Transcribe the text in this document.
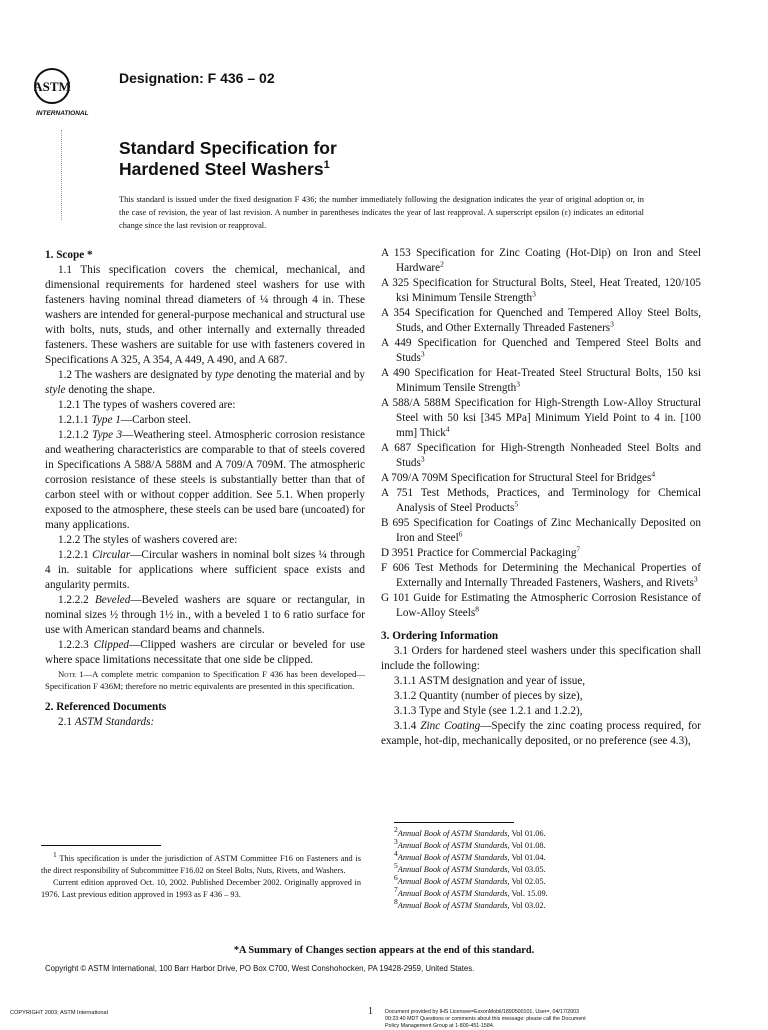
ASTM
INTERNATIONAL
Designation: F 436 – 02
Standard Specification for
Hardened Steel Washers$^1$
This standard is issued under the fixed designation F 436; the number immediately following the designation indicates the year of original adoption or, in the case of revision, the year of last revision. A number in parentheses indicates the year of last reapproval. A superscript epsilon (ε) indicates an editorial change since the last revision or reapproval.

1. Scope *

1.1 This specification covers the chemical, mechanical, and dimensional requirements for hardened steel washers for use with fasteners having nominal thread diameters of ¼ through 4 in. These washers are intended for general-purpose mechanical and structural use with bolts, nuts, studs, and other internally and externally threaded fasteners. These washers are suitable for use with fasteners covered in Specifications A 325, A 354, A 449, A 490, and A 687.

1.2 The washers are designated by type denoting the material and by style denoting the shape.

1.2.1 The types of washers covered are:

1.2.1.1 Type 1—Carbon steel.

1.2.1.2 Type 3—Weathering steel. Atmospheric corrosion resistance and weathering characteristics are comparable to that of steels covered in Specifications A 588/A 588M and A 709/A 709M. The atmospheric corrosion resistance of these steels is substantially better than that of carbon steel with or without copper addition. See 5.1. When properly exposed to the atmosphere, these steels can be used bare (uncoated) for many applications.

1.2.2 The styles of washers covered are:

1.2.2.1 Circular—Circular washers in nominal bolt sizes ¼ through 4 in. suitable for applications where sufficient space exists and angularity permits.

1.2.2.2 Beveled—Beveled washers are square or rectangular, in nominal sizes ½ through 1½ in., with a beveled 1 to 6 ratio surface for use with American standard beams and channels.

1.2.2.3 Clipped—Clipped washers are circular or beveled for use where space limitations necessitate that one side be clipped.

Note 1—A complete metric companion to Specification F 436 has been developed—Specification F 436M; therefore no metric equivalents are presented in this specification.

2. Referenced Documents

2.1 ASTM Standards:

A 153 Specification for Zinc Coating (Hot-Dip) on Iron and Steel Hardware$^2$

A 325 Specification for Structural Bolts, Steel, Heat Treated, 120/105 ksi Minimum Tensile Strength$^3$

A 354 Specification for Quenched and Tempered Alloy Steel Bolts, Studs, and Other Externally Threaded Fasteners$^3$

A 449 Specification for Quenched and Tempered Steel Bolts and Studs$^3$

A 490 Specification for Heat-Treated Steel Structural Bolts, 150 ksi Minimum Tensile Strength$^3$

A 588/A 588M Specification for High-Strength Low-Alloy Structural Steel with 50 ksi [345 MPa] Minimum Yield Point to 4 in. [100 mm] Thick$^4$

A 687 Specification for High-Strength Nonheaded Steel Bolts and Studs$^3$

A 709/A 709M Specification for Structural Steel for Bridges$^4$

A 751 Test Methods, Practices, and Terminology for Chemical Analysis of Steel Products$^5$

B 695 Specification for Coatings of Zinc Mechanically Deposited on Iron and Steel$^6$

D 3951 Practice for Commercial Packaging$^7$

F 606 Test Methods for Determining the Mechanical Properties of Externally and Internally Threaded Fasteners, Washers, and Rivets$^3$

G 101 Guide for Estimating the Atmospheric Corrosion Resistance of Low-Alloy Steels$^8$

3. Ordering Information

3.1 Orders for hardened steel washers under this specification shall include the following:

3.1.1 ASTM designation and year of issue,

3.1.2 Quantity (number of pieces by size),

3.1.3 Type and Style (see 1.2.1 and 1.2.2),

3.1.4 Zinc Coating—Specify the zinc coating process required, for example, hot-dip, mechanically deposited, or no preference (see 4.3),

$^1$ This specification is under the jurisdiction of ASTM Committee F16 on Fasteners and is the direct responsibility of Subcommittee F16.02 on Steel Bolts, Nuts, Rivets, and Washers.

Current edition approved Oct. 10, 2002. Published December 2002. Originally approved in 1976. Last previous edition approved in 1993 as F 436 – 93.

$^2$Annual Book of ASTM Standards, Vol 01.06.

$^3$Annual Book of ASTM Standards, Vol 01.08.

$^4$Annual Book of ASTM Standards, Vol 01.04.

$^5$Annual Book of ASTM Standards, Vol 03.05.

$^6$Annual Book of ASTM Standards, Vol 02.05.

$^7$Annual Book of ASTM Standards, Vol. 15.09.

$^8$Annual Book of ASTM Standards, Vol 03.02.

*A Summary of Changes section appears at the end of this standard.
Copyright © ASTM International, 100 Barr Harbor Drive, PO Box C700, West Conshohocken, PA 19428-2959, United States.
COPYRIGHT 2003; ASTM International	1 Document provided by IHS Licensee=ExxonMobil/1890500101, User=, 04/17/2003
00:23:40 MDT Questions or comments about this message: please call the Document
Policy Management Group at 1-800-451-1584.
